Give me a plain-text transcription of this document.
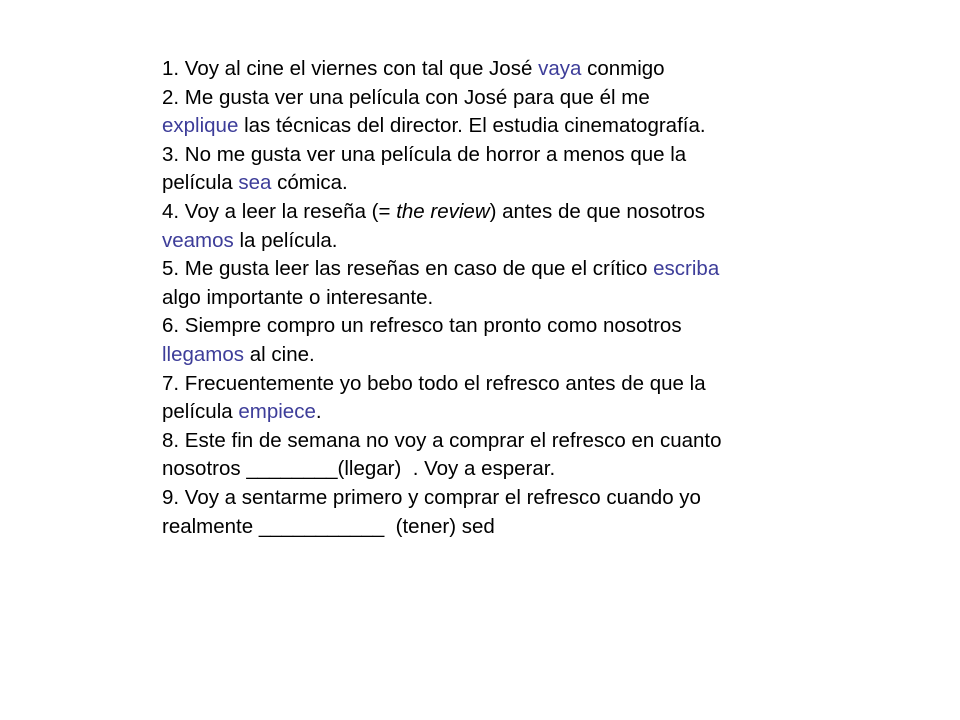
1. Voy al cine el viernes con tal que José vaya conmigo
2. Me gusta ver una película con José para que él me
explique las técnicas del director. El estudia cinematografía.
3. No me gusta ver una película de horror a menos que la
película sea cómica.
4. Voy a leer la reseña (= the review) antes de que nosotros
veamos la película.
5. Me gusta leer las reseñas en caso de que el crítico escriba
algo importante o interesante.
6. Siempre compro un refresco tan pronto como nosotros
llegamos al cine.
7. Frecuentemente yo bebo todo el refresco antes de que la
película empiece.
8. Este fin de semana no voy a comprar el refresco en cuanto
nosotros ________(llegar)  . Voy a esperar.
9. Voy a sentarme primero y comprar el refresco cuando yo
realmente ___________  (tener) sed
